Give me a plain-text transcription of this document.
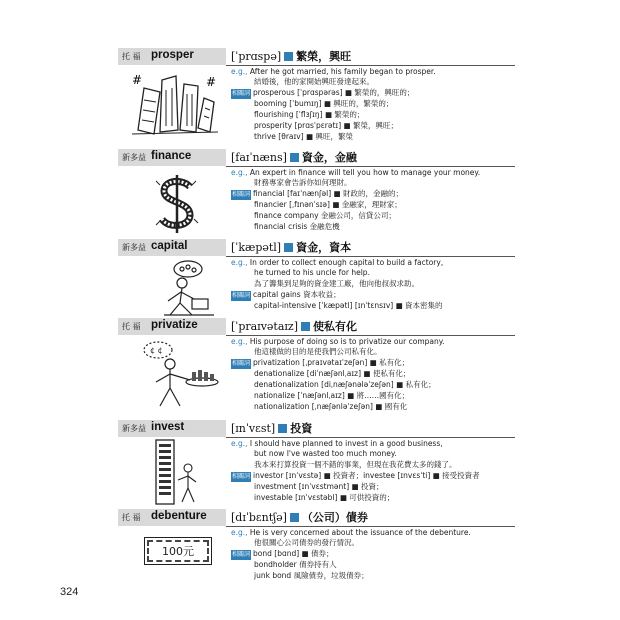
托 福 prosper	[ˈprɑspə] 繁榮，興旺
e.g., After he got married, his family began to prosper.
結婚後，他的家開始興旺發達起來。
相關詞 prosperous [ˈprɑspərəs] ■ 繁榮的，興旺的；
booming [ˈbumɪŋ] ■ 興旺的，繁榮的；
flourishing [ˈflɜʃɪŋ] ■ 繁榮的；
prosperity [prɑsˈpɛrətɪ] ■ 繁榮，興旺；
thrive [θraɪv] ■ 興旺，繁榮
#	#
新多益 finance	[faɪˈnæns] 資金，金融
e.g., An expert in finance will tell you how to manage your money.
財務專家會告訴你如何理財。
相關詞 financial [faɪˈnænʃəl] ■ 財政的，金融的；
financier [ˌfɪnənˈsɪə] ■ 金融家，理財家；
finance company 金融公司，信貸公司；
financial crisis 金融危機
新多益 capital	[ˈkæpətl] 資金，資本
e.g., In order to collect enough capital to build a factory,
he turned to his uncle for help.
為了籌集到足夠的資金建工廠，他向他叔叔求助。
相關詞 capital gains 資本收益；
capital-intensive [ˈkæpətl] [ɪnˈtɛnsɪv] ■ 資本密集的
托 福 privatize	[ˈpraɪvətaɪz] 使私有化
e.g., His purpose of doing so is to privatize our company.
他這樣做的目的是使我們公司私有化。
相關詞 privatization [ˌpraɪvətaɪˈzeʃən] ■ 私有化；
denationalize [diˈnæʃənlˌaɪz] ■ 使私有化；
denationalization [diˌnæʃənələˈzeʃən] ■ 私有化；
nationalize [ˈnæʃənlˌaɪz] ■ 將……國有化；
nationalization [ˌnæʃənləˈzeʃən] ■ 國有化
¢ ¢
新多益 invest	[ɪnˈvɛst] 投資
e.g., I should have planned to invest in a good business,
but now I've wasted too much money.
我本來打算投資一個不錯的事業，但現在我花費太多的錢了。
相關詞 investor [ɪnˈvɛstə] ■ 投資者；investee [ɪnvɛsˈti] ■ 接受投資者
investment [ɪnˈvɛstmənt] ■ 投資；
investable [ɪnˈvɛstəbl] ■ 可供投資的；
托 福 debenture [dɪˈbɛntʃə] （公司）債券
e.g., He is very concerned about the issuance of the debenture.
他很關心公司債券的發行情況。
相關詞 bond [bɑnd] ■ 債券；
bondholder 債券持有人
junk bond 風險債券，垃圾債券；
100元
324
